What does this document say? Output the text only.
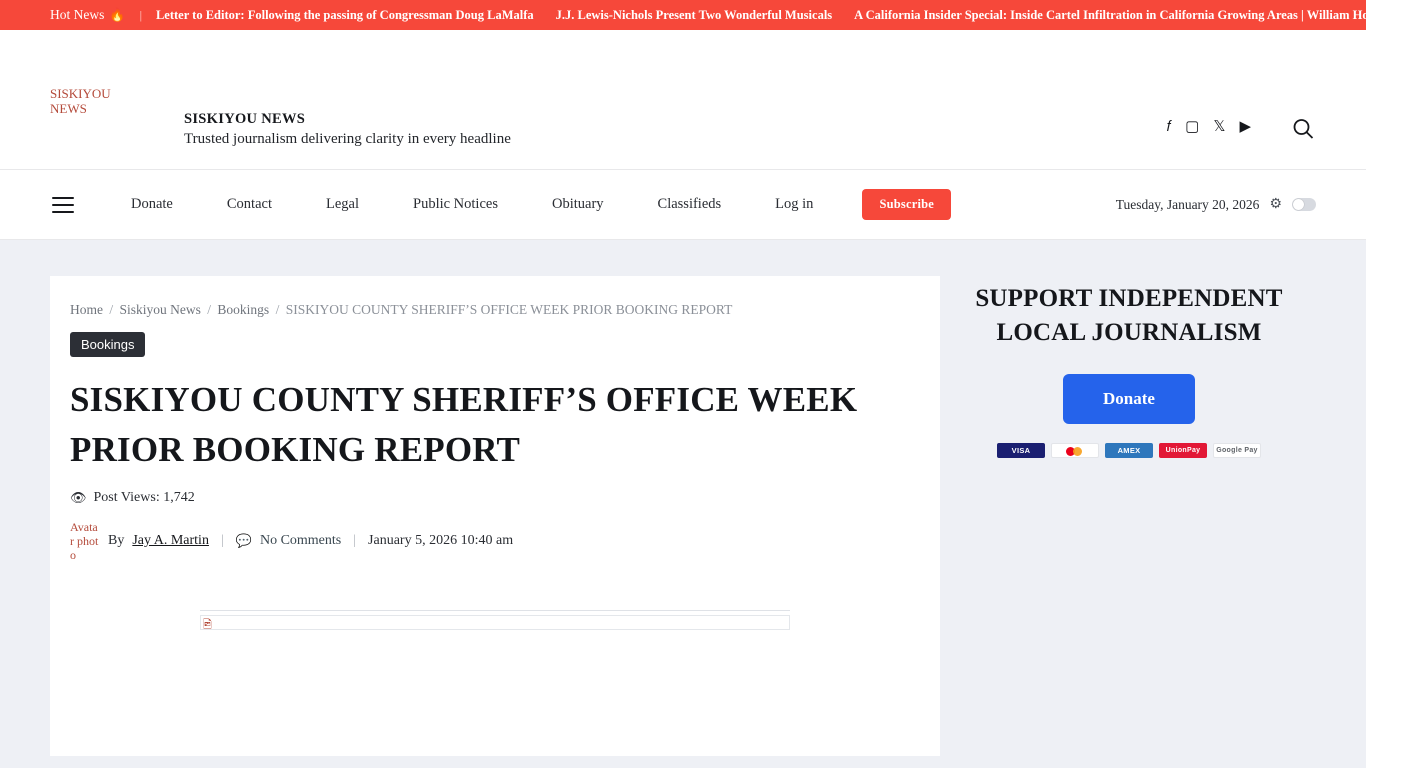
Hot News 🔥	|	Letter to Editor: Following the passing of Congressman Doug LaMalfa	J.J. Lewis-Nichols Present Two Wonderful Musicals	A California Insider Special: Inside Cartel Infiltration in California Growing Areas | William Honsal	Ot
SISKIYOU NEWS
SISKIYOU NEWS
Trusted journalism delivering clarity in every headline
𝑓 ▢ 𝕏 ▶
Donate	Contact	Legal	Public Notices	Obituary	Classifieds	Log in	Subscribe	Tuesday, January 20, 2026 ⚙
Home / Siskiyou News / Bookings / SISKIYOU COUNTY SHERIFF’S OFFICE WEEK PRIOR BOOKING REPORT
Bookings
SISKIYOU COUNTY SHERIFF’S OFFICE WEEK PRIOR BOOKING REPORT
👁 Post Views: 1,742
Avatar photo
By Jay A. Martin | 💬 No Comments | January 5, 2026 10:40 am
🖻
SUPPORT INDEPENDENT LOCAL JOURNALISM
Donate
VISA	AMEX	UnionPay	Google Pay
